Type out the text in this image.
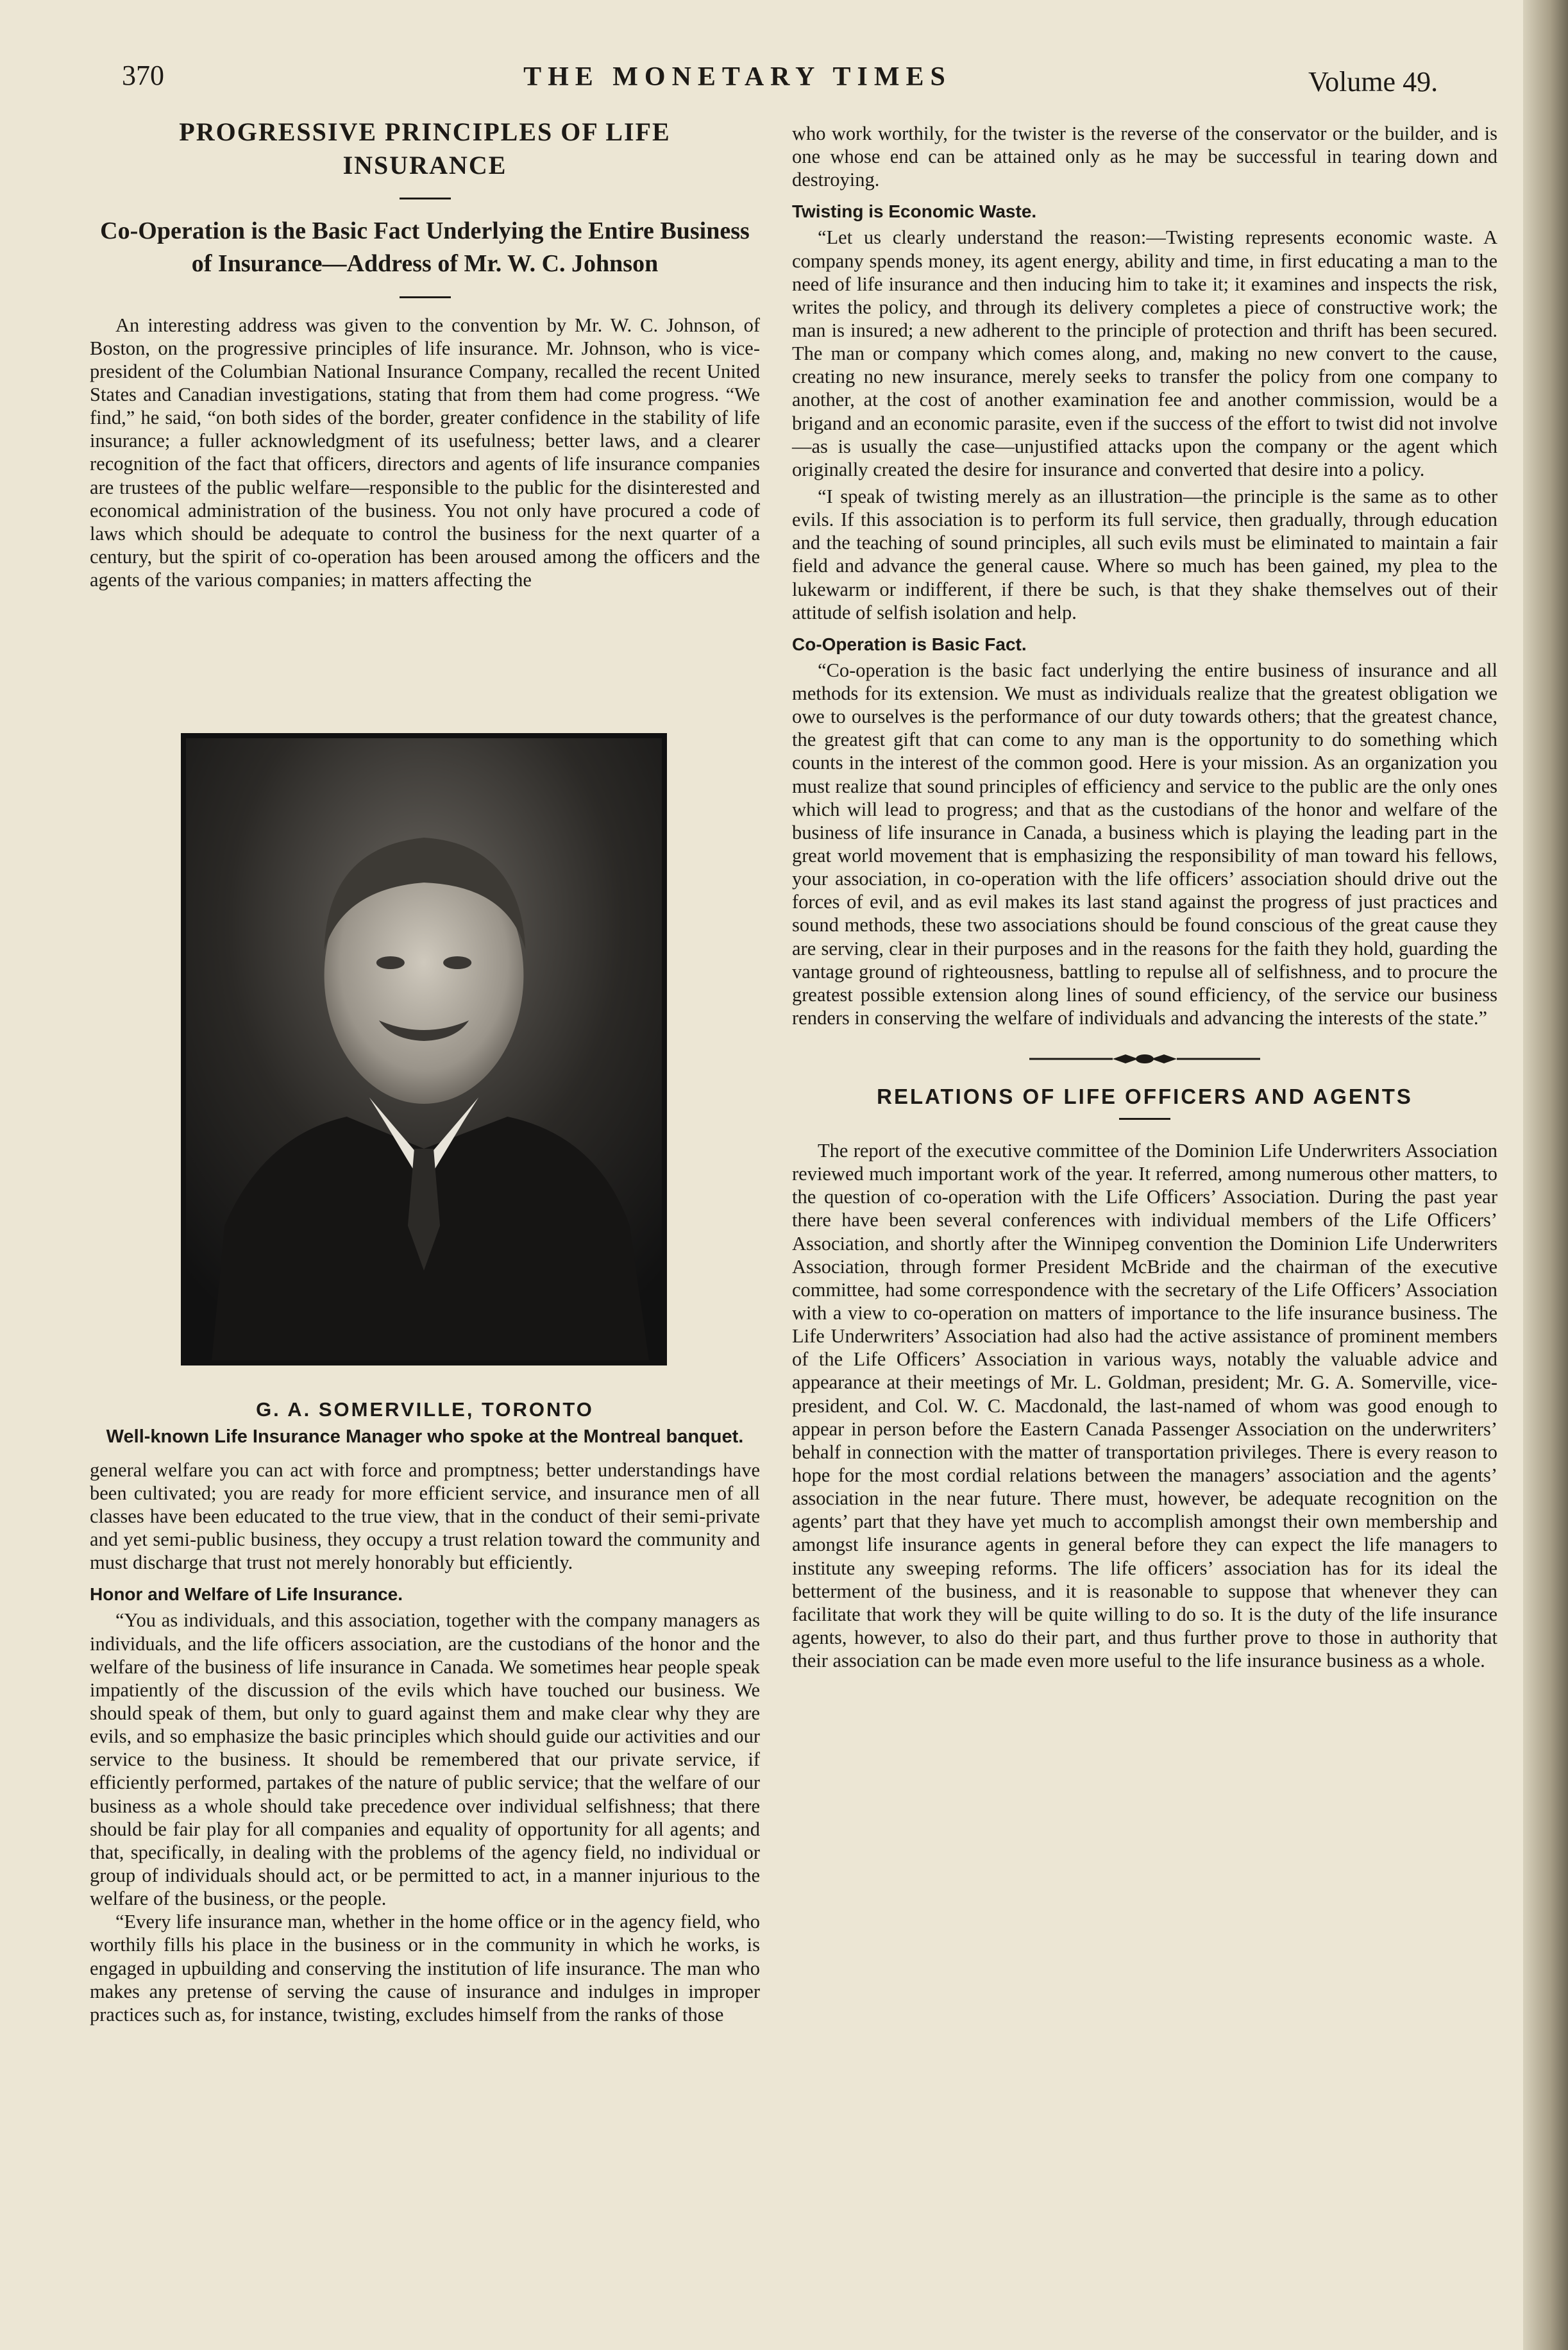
370	THE MONETARY TIMES	Volume 49.
PROGRESSIVE PRINCIPLES OF LIFE INSURANCE
Co-Operation is the Basic Fact Underlying the Entire Business of Insurance—Address of Mr. W. C. Johnson

An interesting address was given to the convention by Mr. W. C. Johnson, of Boston, on the progressive principles of life insurance. Mr. Johnson, who is vice-president of the Columbian National Insurance Company, recalled the recent United States and Canadian investigations, stating that from them had come progress. “We find,” he said, “on both sides of the border, greater confidence in the stability of life insurance; a fuller acknowledgment of its usefulness; better laws, and a clearer recognition of the fact that officers, directors and agents of life insurance companies are trustees of the public welfare—responsible to the public for the disinterested and economical administration of the business. You not only have procured a code of laws which should be adequate to control the business for the next quarter of a century, but the spirit of co-operation has been aroused among the officers and the agents of the various companies; in matters affecting the

G. A. SOMERVILLE, TORONTO

Well-known Life Insurance Manager who spoke at the Montreal banquet.

general welfare you can act with force and promptness; better understandings have been cultivated; you are ready for more efficient service, and insurance men of all classes have been educated to the true view, that in the conduct of their semi-private and yet semi-public business, they occupy a trust relation toward the community and must discharge that trust not merely honorably but efficiently.

Honor and Welfare of Life Insurance.

“You as individuals, and this association, together with the company managers as individuals, and the life officers association, are the custodians of the honor and the welfare of the business of life insurance in Canada. We sometimes hear people speak impatiently of the discussion of the evils which have touched our business. We should speak of them, but only to guard against them and make clear why they are evils, and so emphasize the basic principles which should guide our activities and our service to the business. It should be remembered that our private service, if efficiently performed, partakes of the nature of public service; that the welfare of our business as a whole should take precedence over individual selfishness; that there should be fair play for all companies and equality of opportunity for all agents; and that, specifically, in dealing with the problems of the agency field, no individual or group of individuals should act, or be permitted to act, in a manner injurious to the welfare of the business, or the people.

“Every life insurance man, whether in the home office or in the agency field, who worthily fills his place in the business or in the community in which he works, is engaged in upbuilding and conserving the institution of life insurance. The man who makes any pretense of serving the cause of insurance and indulges in improper practices such as, for instance, twisting, excludes himself from the ranks of those

who work worthily, for the twister is the reverse of the conservator or the builder, and is one whose end can be attained only as he may be successful in tearing down and destroying.

Twisting is Economic Waste.

“Let us clearly understand the reason:—Twisting represents economic waste. A company spends money, its agent energy, ability and time, in first educating a man to the need of life insurance and then inducing him to take it; it examines and inspects the risk, writes the policy, and through its delivery completes a piece of constructive work; the man is insured; a new adherent to the principle of protection and thrift has been secured. The man or company which comes along, and, making no new convert to the cause, creating no new insurance, merely seeks to transfer the policy from one company to another, at the cost of another examination fee and another commission, would be a brigand and an economic parasite, even if the success of the effort to twist did not involve—as is usually the case—unjustified attacks upon the company or the agent which originally created the desire for insurance and converted that desire into a policy.

“I speak of twisting merely as an illustration—the principle is the same as to other evils. If this association is to perform its full service, then gradually, through education and the teaching of sound principles, all such evils must be eliminated to maintain a fair field and advance the general cause. Where so much has been gained, my plea to the lukewarm or indifferent, if there be such, is that they shake themselves out of their attitude of selfish isolation and help.

Co-Operation is Basic Fact.

“Co-operation is the basic fact underlying the entire business of insurance and all methods for its extension. We must as individuals realize that the greatest obligation we owe to ourselves is the performance of our duty towards others; that the greatest chance, the greatest gift that can come to any man is the opportunity to do something which counts in the interest of the common good. Here is your mission. As an organization you must realize that sound principles of efficiency and service to the public are the only ones which will lead to progress; and that as the custodians of the honor and welfare of the business of life insurance in Canada, a business which is playing the leading part in the great world movement that is emphasizing the responsibility of man toward his fellows, your association, in co-operation with the life officers’ association should drive out the forces of evil, and as evil makes its last stand against the progress of just practices and sound methods, these two associations should be found conscious of the great cause they are serving, clear in their purposes and in the reasons for the faith they hold, guarding the vantage ground of righteousness, battling to repulse all of selfishness, and to procure the greatest possible extension along lines of sound efficiency, of the service our business renders in conserving the welfare of individuals and advancing the interests of the state.”

RELATIONS OF LIFE OFFICERS AND AGENTS

The report of the executive committee of the Dominion Life Underwriters Association reviewed much important work of the year. It referred, among numerous other matters, to the question of co-operation with the Life Officers’ Association. During the past year there have been several conferences with individual members of the Life Officers’ Association, and shortly after the Winnipeg convention the Dominion Life Underwriters Association, through former President McBride and the chairman of the executive committee, had some correspondence with the secretary of the Life Officers’ Association with a view to co-operation on matters of importance to the life insurance business. The Life Underwriters’ Association had also had the active assistance of prominent members of the Life Officers’ Association in various ways, notably the valuable advice and appearance at their meetings of Mr. L. Goldman, president; Mr. G. A. Somerville, vice-president, and Col. W. C. Macdonald, the last-named of whom was good enough to appear in person before the Eastern Canada Passenger Association on the underwriters’ behalf in connection with the matter of transportation privileges. There is every reason to hope for the most cordial relations between the managers’ association and the agents’ association in the near future. There must, however, be adequate recognition on the agents’ part that they have yet much to accomplish amongst their own membership and amongst life insurance agents in general before they can expect the life managers to institute any sweeping reforms. The life officers’ association has for its ideal the betterment of the business, and it is reasonable to suppose that whenever they can facilitate that work they will be quite willing to do so. It is the duty of the life insurance agents, however, to also do their part, and thus further prove to those in authority that their association can be made even more useful to the life insurance business as a whole.
